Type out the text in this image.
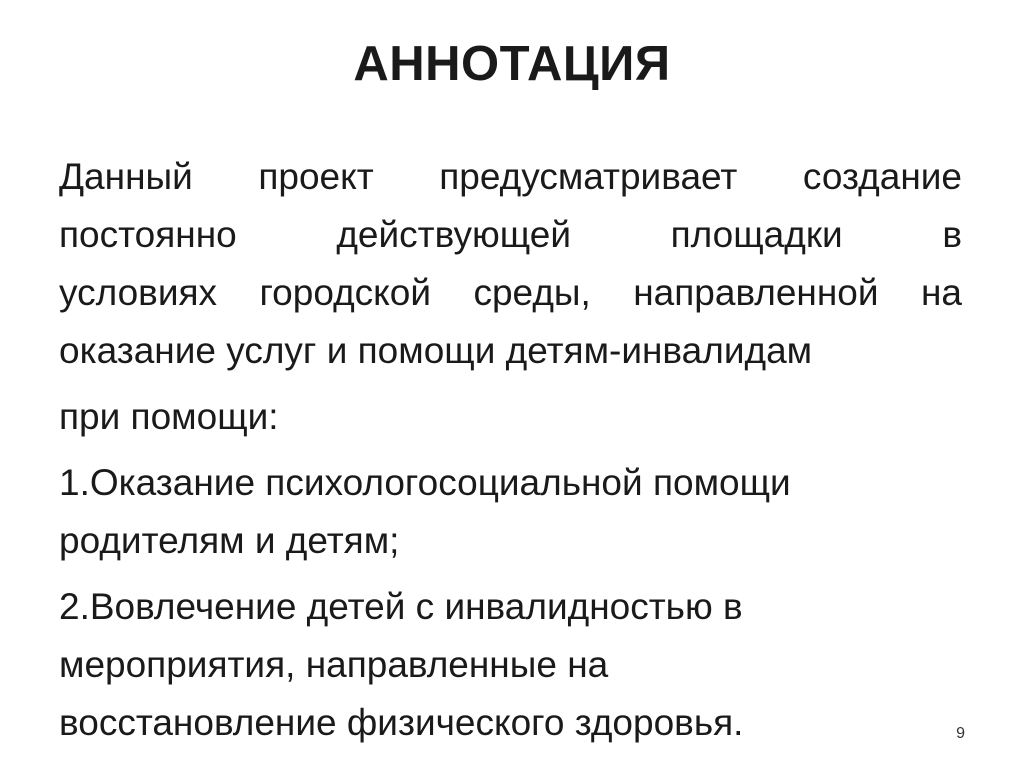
АННОТАЦИЯ
Данный проект предусматривает создание
постоянно действующей площадки в
условиях городской среды, направленной на
оказание услуг и помощи детям-инвалидам
при помощи:
1.Оказание психологосоциальной помощи
родителям и детям;
2.Вовлечение детей с инвалидностью в
мероприятия, направленные на
восстановление физического здоровья.	9
